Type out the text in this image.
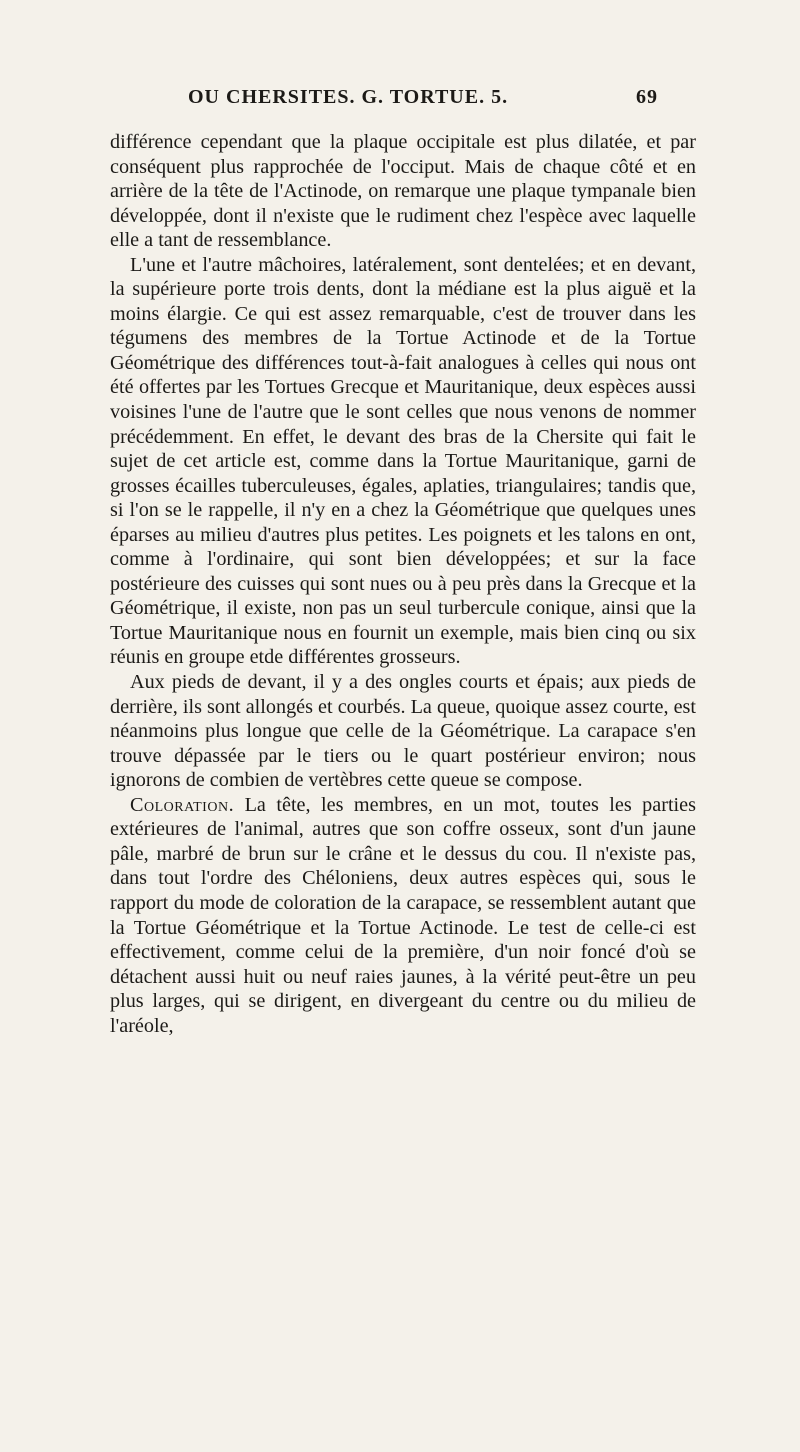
OU CHERSITES. G. TORTUE. 5.	69

différence cependant que la plaque occipitale est plus dilatée, et par conséquent plus rapprochée de l'occiput. Mais de chaque côté et en arrière de la tête de l'Actinode, on remarque une plaque tympanale bien développée, dont il n'existe que le rudiment chez l'espèce avec laquelle elle a tant de ressemblance.

L'une et l'autre mâchoires, latéralement, sont dentelées; et en devant, la supérieure porte trois dents, dont la médiane est la plus aiguë et la moins élargie. Ce qui est assez remarquable, c'est de trouver dans les tégumens des membres de la Tortue Actinode et de la Tortue Géométrique des différences tout-à-fait analogues à celles qui nous ont été offertes par les Tortues Grecque et Mauritanique, deux espèces aussi voisines l'une de l'autre que le sont celles que nous venons de nommer précédemment. En effet, le devant des bras de la Chersite qui fait le sujet de cet article est, comme dans la Tortue Mauritanique, garni de grosses écailles tuberculeuses, égales, aplaties, triangulaires; tandis que, si l'on se le rappelle, il n'y en a chez la Géométrique que quelques unes éparses au milieu d'autres plus petites. Les poignets et les talons en ont, comme à l'ordinaire, qui sont bien développées; et sur la face postérieure des cuisses qui sont nues ou à peu près dans la Grecque et la Géométrique, il existe, non pas un seul turbercule conique, ainsi que la Tortue Mauritanique nous en fournit un exemple, mais bien cinq ou six réunis en groupe etde différentes grosseurs.

Aux pieds de devant, il y a des ongles courts et épais; aux pieds de derrière, ils sont allongés et courbés. La queue, quoique assez courte, est néanmoins plus longue que celle de la Géométrique. La carapace s'en trouve dépassée par le tiers ou le quart postérieur environ; nous ignorons de combien de vertèbres cette queue se compose.

Coloration. La tête, les membres, en un mot, toutes les parties extérieures de l'animal, autres que son coffre osseux, sont d'un jaune pâle, marbré de brun sur le crâne et le dessus du cou. Il n'existe pas, dans tout l'ordre des Chéloniens, deux autres espèces qui, sous le rapport du mode de coloration de la carapace, se ressemblent autant que la Tortue Géométrique et la Tortue Actinode. Le test de celle-ci est effectivement, comme celui de la première, d'un noir foncé d'où se détachent aussi huit ou neuf raies jaunes, à la vérité peut-être un peu plus larges, qui se dirigent, en divergeant du centre ou du milieu de l'aréole,
